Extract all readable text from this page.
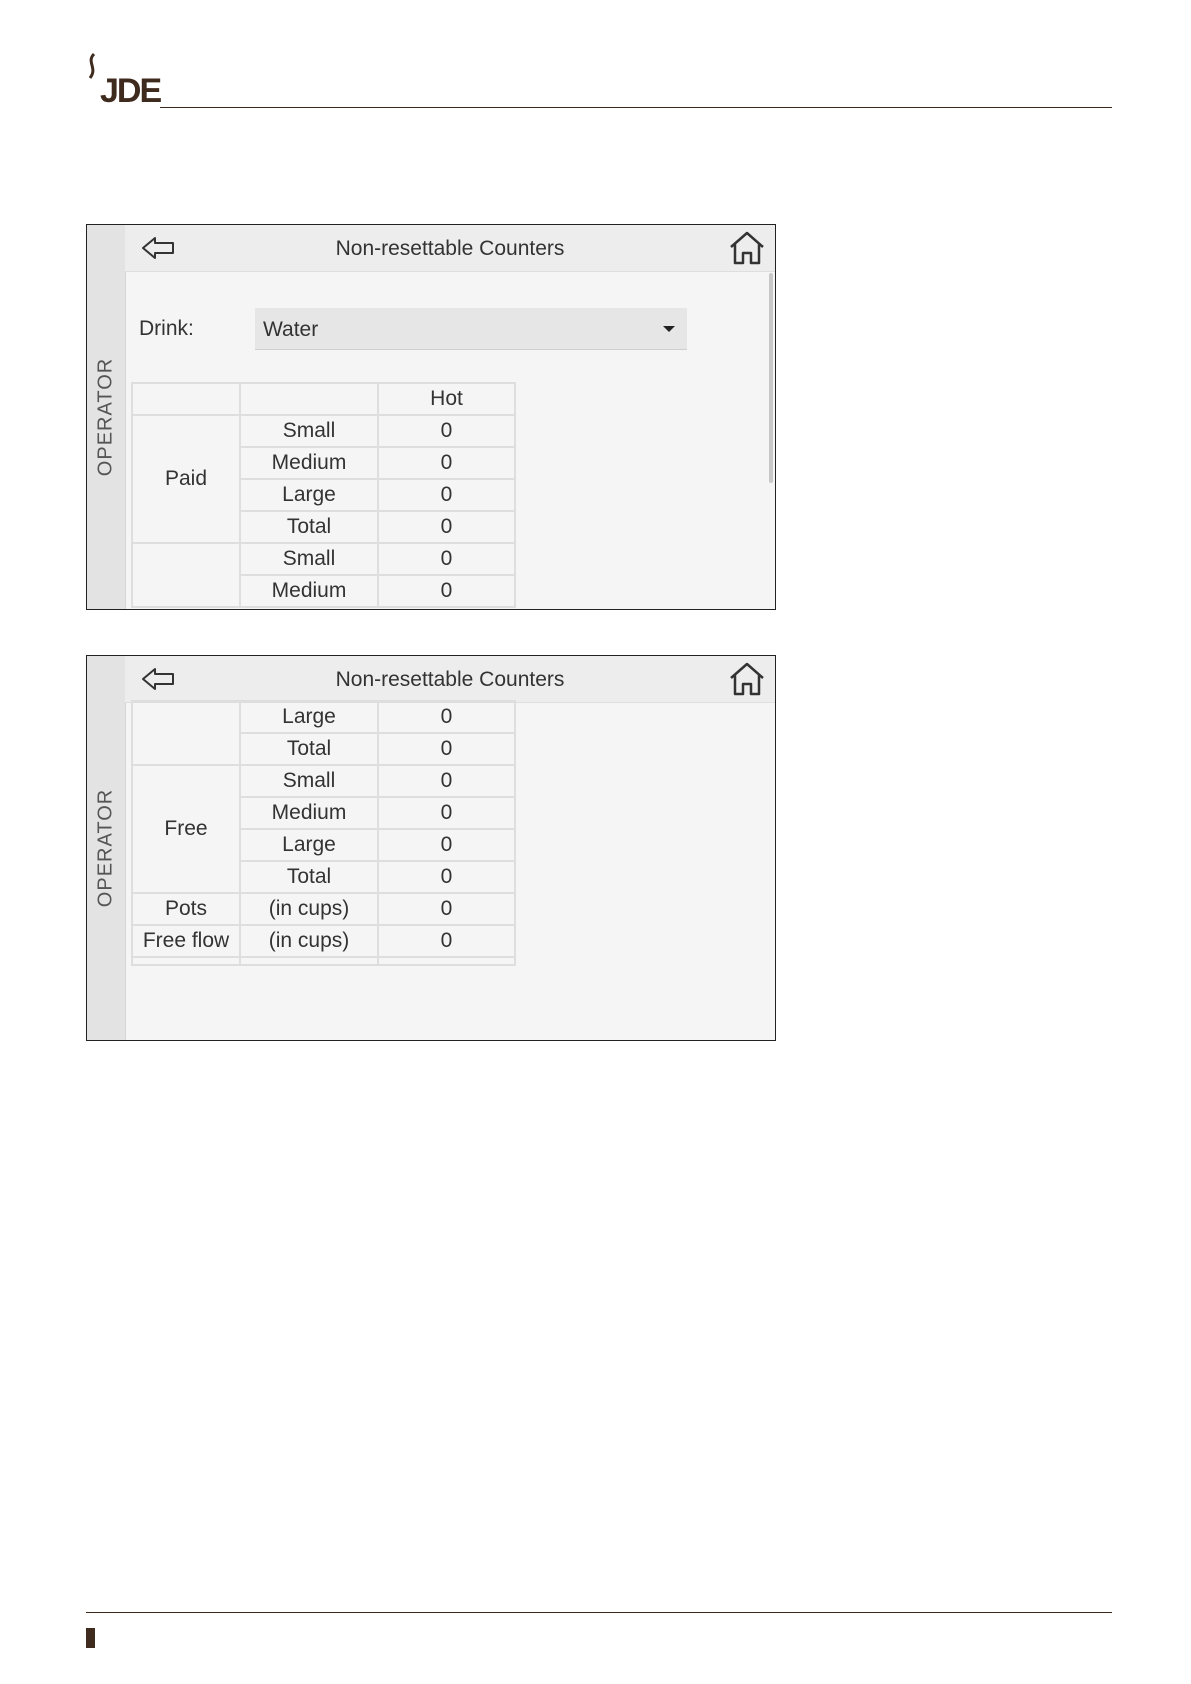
JDE
OPERATOR
Non-resettable Counters
Drink:	Water
		Hot
Paid	Small	0
	Medium	0
	Large	0
	Total	0
	Small	0
	Medium	0
OPERATOR
Non-resettable Counters
	Large	0
	Total	0
Free	Small	0
	Medium	0
	Large	0
	Total	0
Pots	(in cups)	0
Free flow	(in cups)	0
